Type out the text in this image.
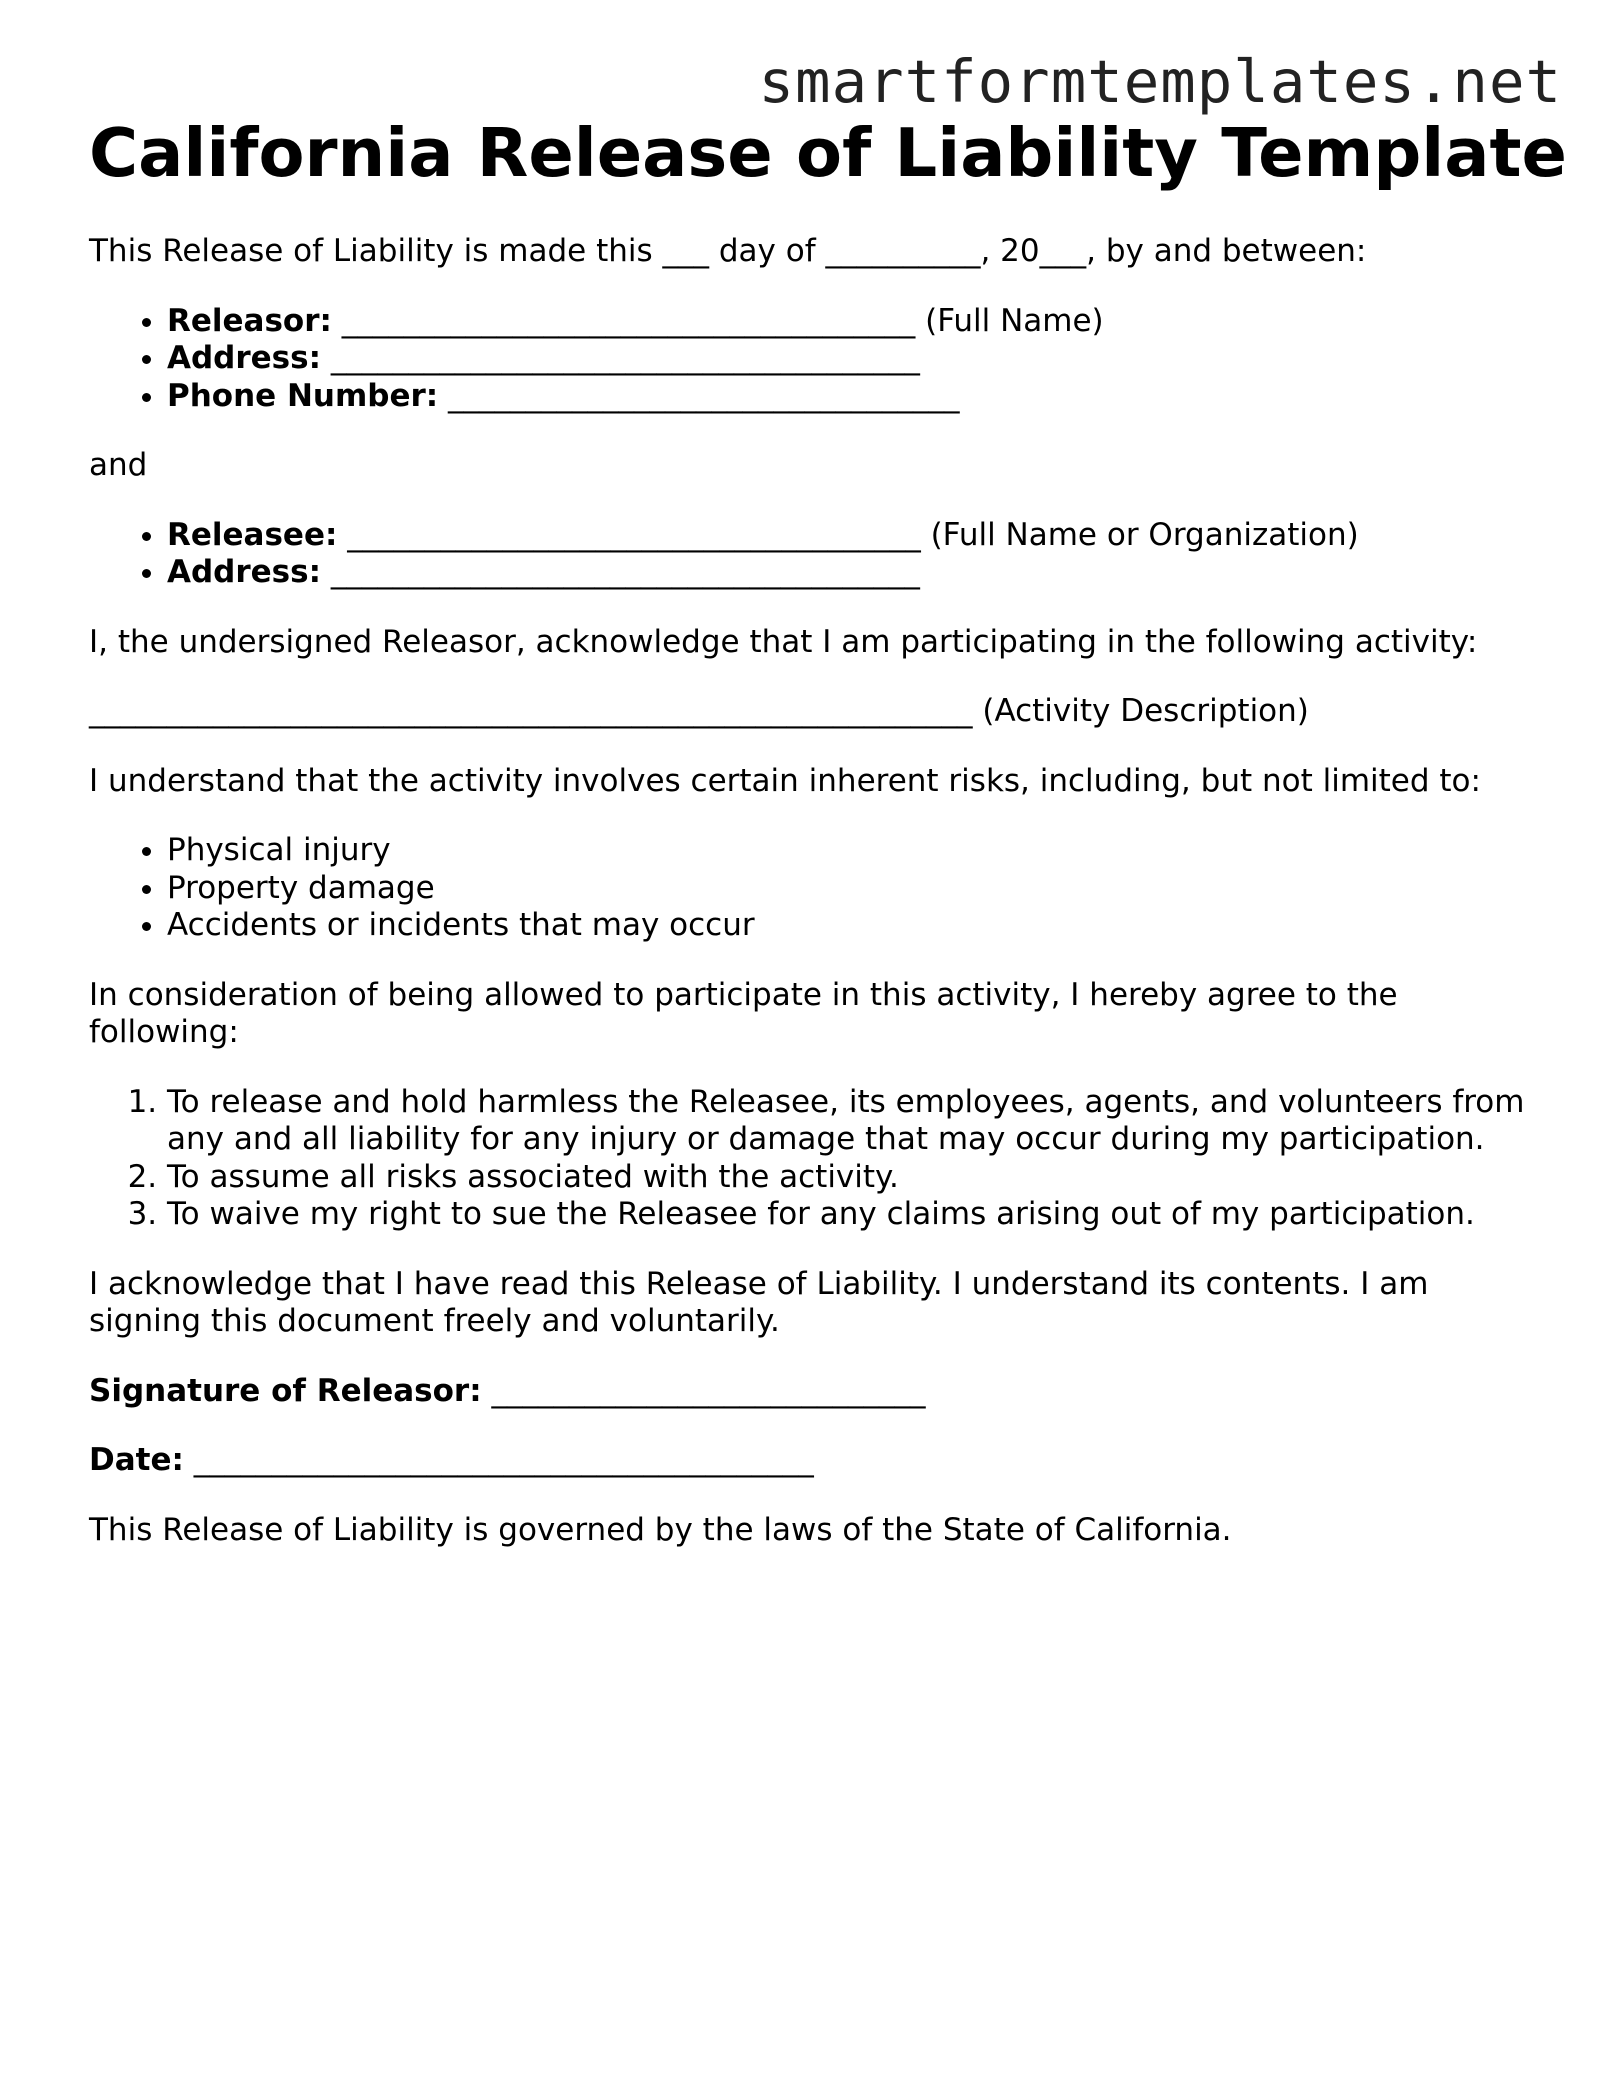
smartformtemplates.net
California Release of Liability Template

This Release of Liability is made this ___ day of __________, 20___, by and between:

• Releasor: _____________________________________ (Full Name)
• Address: ______________________________________
• Phone Number: _________________________________

and

• Releasee: _____________________________________ (Full Name or Organization)
• Address: ______________________________________

I, the undersigned Releasor, acknowledge that I am participating in the following activity:

_________________________________________________________ (Activity Description)

I understand that the activity involves certain inherent risks, including, but not limited to:

• Physical injury
• Property damage
• Accidents or incidents that may occur

In consideration of being allowed to participate in this activity, I hereby agree to the following:

1. To release and hold harmless the Releasee, its employees, agents, and volunteers from any and all liability for any injury or damage that may occur during my participation.
2. To assume all risks associated with the activity.
3. To waive my right to sue the Releasee for any claims arising out of my participation.

I acknowledge that I have read this Release of Liability. I understand its contents. I am signing this document freely and voluntarily.

Signature of Releasor: ____________________________

Date: ________________________________________

This Release of Liability is governed by the laws of the State of California.
